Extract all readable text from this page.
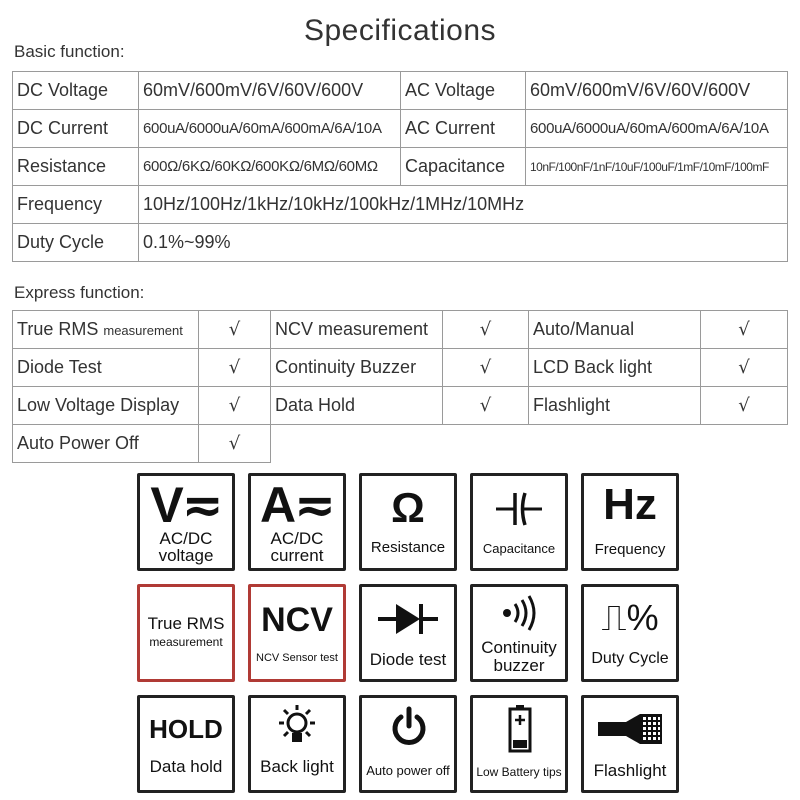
Specifications
Basic function:
DC Voltage	60mV/600mV/6V/60V/600V	AC Voltage	60mV/600mV/6V/60V/600V
DC Current	600uA/6000uA/60mA/600mA/6A/10A	AC Current	600uA/6000uA/60mA/600mA/6A/10A
Resistance	600Ω/6KΩ/60KΩ/600KΩ/6MΩ/60MΩ	Capacitance	10nF/100nF/1nF/10uF/100uF/1mF/10mF/100mF
Frequency	10Hz/100Hz/1kHz/10kHz/100kHz/1MHz/10MHz		
Duty Cycle	0.1%~99%		
Express function:
True RMS measurement	√	NCV measurement	√	Auto/Manual	√
Diode Test	√	Continuity Buzzer	√	LCD Back light	√
Low Voltage Display	√	Data Hold	√	Flashlight	√
Auto Power Off	√				
V≂
AC/DC
voltage
A≂
AC/DC
current
Ω
Resistance	Capacitance
Hz
Frequency
True RMS
measurement
NCV
NCV Sensor test	Diode test
Continuity
buzzer
⎍%
Duty Cycle
HOLD
Data hold	Back light	Auto power off	Low Battery tips	Flashlight
